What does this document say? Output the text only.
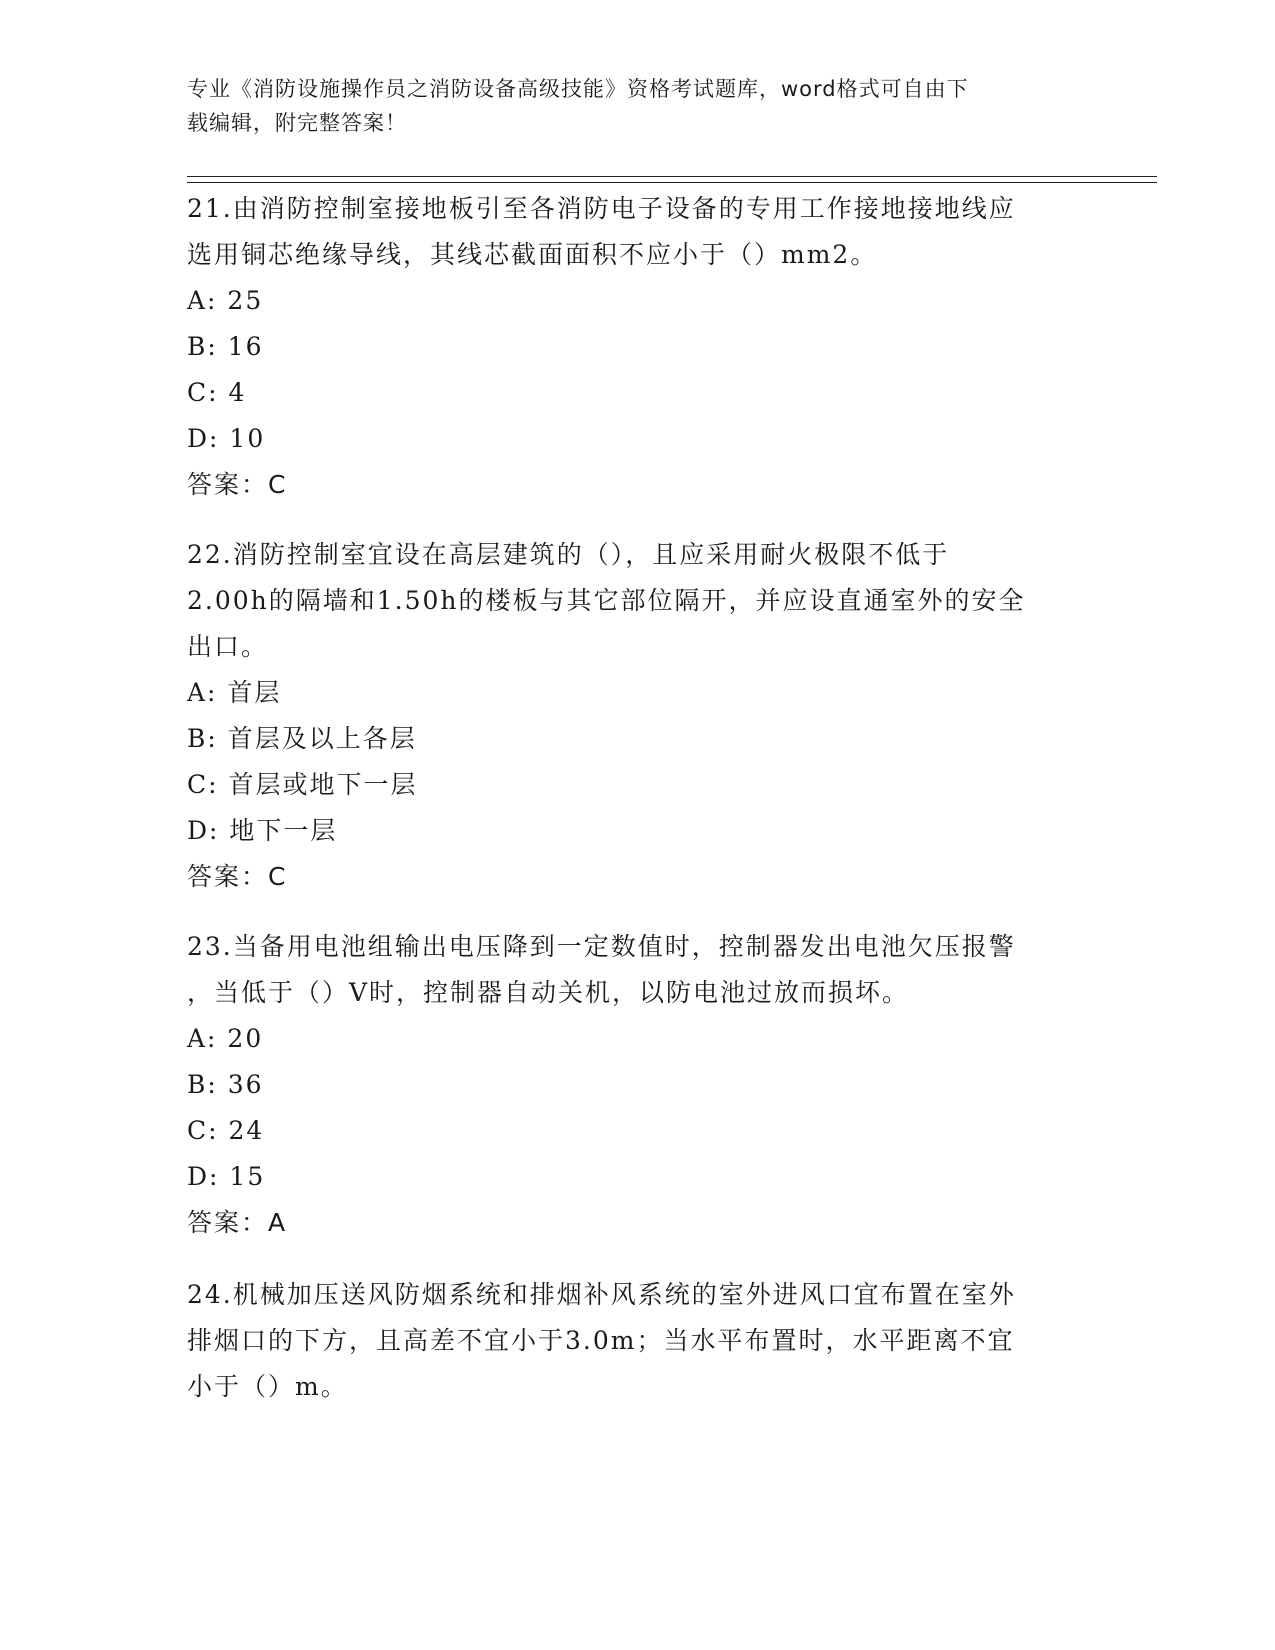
专业《消防设施操作员之消防设备高级技能》资格考试题库，word格式可自由下
载编辑，附完整答案！
21.由消防控制室接地板引至各消防电子设备的专用工作接地接地线应
选用铜芯绝缘导线，其线芯截面面积不应小于（）mm2。
A: 25
B: 16
C: 4
D: 10
答案：C
22.消防控制室宜设在高层建筑的（），且应采用耐火极限不低于
2.00h的隔墙和1.50h的楼板与其它部位隔开，并应设直通室外的安全
出口。
A: 首层
B: 首层及以上各层
C: 首层或地下一层
D: 地下一层
答案：C
23.当备用电池组输出电压降到一定数值时，控制器发出电池欠压报警
，当低于（）V时，控制器自动关机，以防电池过放而损坏。
A: 20
B: 36
C: 24
D: 15
答案：A
24.机械加压送风防烟系统和排烟补风系统的室外进风口宜布置在室外
排烟口的下方，且高差不宜小于3.0m；当水平布置时，水平距离不宜
小于（）m。
